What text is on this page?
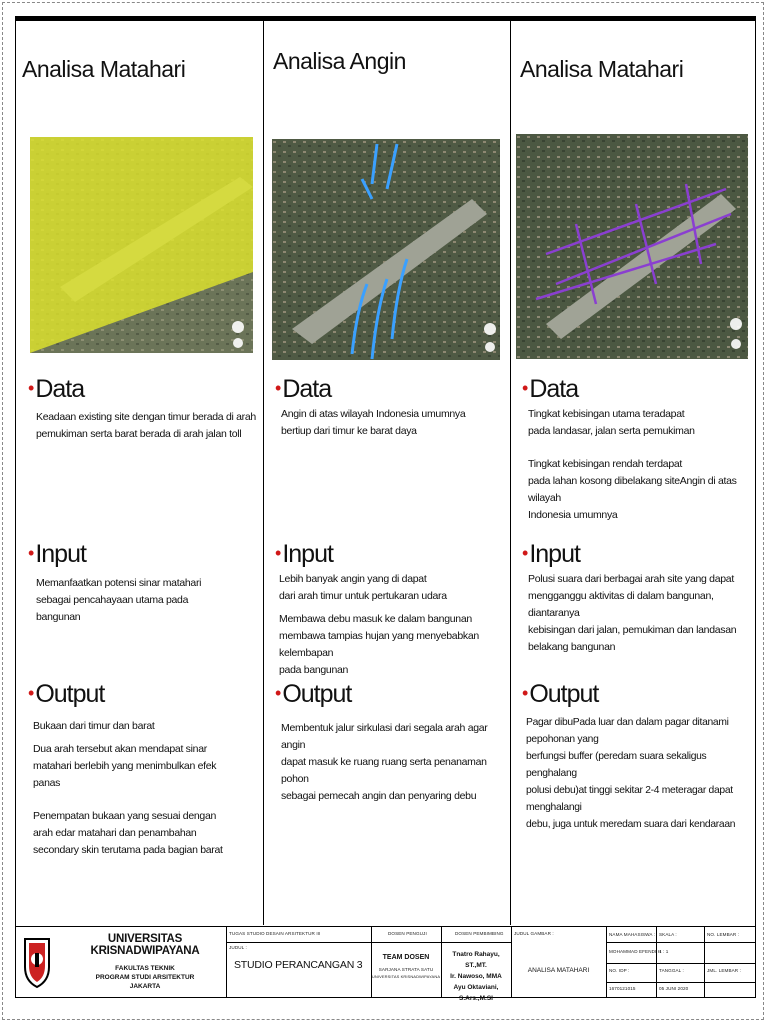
Analisa Matahari	Analisa Angin	Analisa Matahari
•Data

Keadaan existing site dengan timur berada di arah
pemukiman serta barat berada di arah jalan toll

•Input

Memanfaatkan potensi sinar matahari
sebagai pencahayaan utama pada
bangunan

•Output

Bukaan dari timur dan barat

Dua arah tersebut akan mendapat sinar
matahari berlebih yang menimbulkan efek
panas

Penempatan bukaan yang sesuai dengan
arah edar matahari dan penambahan
secondary skin terutama pada bagian barat

•Data

Angin di atas wilayah Indonesia umumnya
bertiup dari timur ke barat daya

•Input

Lebih banyak angin yang di dapat
dari arah timur untuk pertukaran udara

Membawa debu masuk ke dalam bangunan
membawa tampias hujan yang menyebabkan kelembapan
pada bangunan

•Output

Membentuk jalur sirkulasi dari segala arah agar angin
dapat masuk ke ruang ruang serta penanaman pohon
sebagai pemecah angin dan penyaring debu

•Data

Tingkat kebisingan utama teradapat
pada landasar, jalan serta pemukiman

Tingkat kebisingan rendah terdapat
pada lahan kosong dibelakang siteAngin di atas wilayah
Indonesia umumnya

•Input

Polusi suara dari berbagai arah site yang dapat
mengganggu aktivitas di dalam bangunan, diantaranya
kebisingan dari jalan, pemukiman dan landasan
belakang bangunan

•Output

Pagar dibuPada luar dan dalam pagar ditanami pepohonan yang
berfungsi buffer (peredam suara sekaligus penghalang
polusi debu)at tinggi sekitar 2-4 meteragar dapat menghalangi
debu, juga untuk meredam suara dari kendaraan

UNIVERSITAS KRISNADWIPAYANA
FAKULTAS TEKNIK
PROGRAM STUDI ARSITEKTUR
JAKARTA
TUGAS STUDIO DESAIN ARSITEKTUR III
JUDUL :
STUDIO PERANCANGAN 3
DOSEN PENGUJI
TEAM DOSEN
SARJANA STRATA SATU
UNIVERSITAS KRISNADWIPAYANA
DOSEN PEMBIMBING
Tnatro Rahayu, ST.,MT.
Ir. Nawoso, MMA
Ayu Oktaviani, S.Ars.,M.SI
JUDUL GAMBAR :
ANALISA MATAHARI
NAMA MAHASISWA :
MOHAMMAD EFENDI H
SKALA :
1 : 1
NO. LEMBAR :
NO. IDP :
1670121015
TANGGAL :
05 JUNI 2020
JML. LEMBAR :
